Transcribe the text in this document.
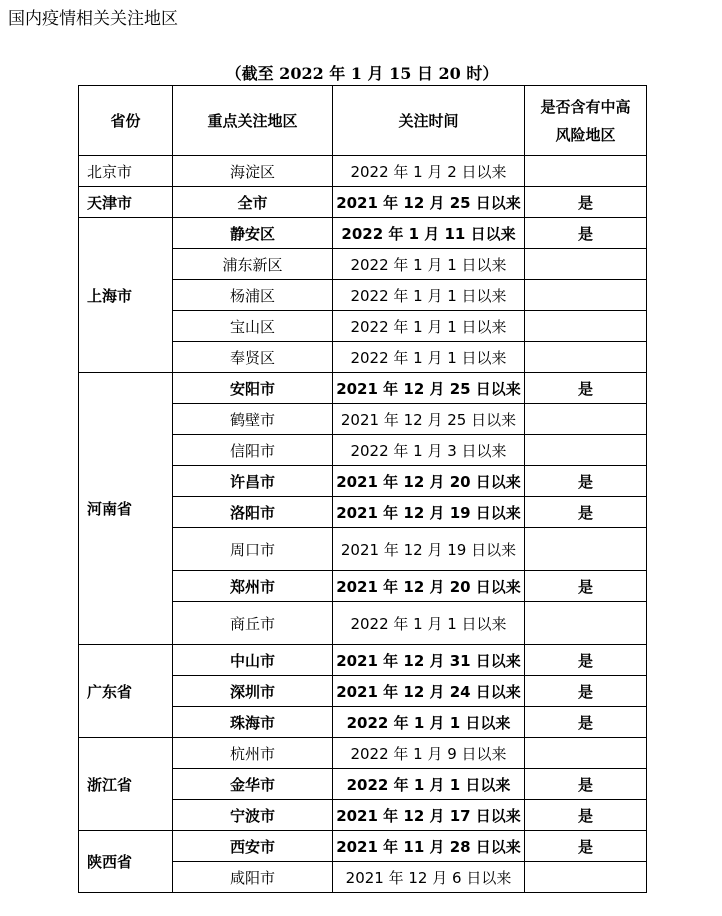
国内疫情相关关注地区
（截至 2022 年 1 月 15 日 20 时）
省份	重点关注地区	关注时间	是否含有中高
风险地区

北京市	海淀区	2022 年 1 月 2 日以来	
天津市	全市	2021 年 12 月 25 日以来	是
上海市	静安区	2022 年 1 月 11 日以来	是
	浦东新区	2022 年 1 月 1 日以来	
	杨浦区	2022 年 1 月 1 日以来	
	宝山区	2022 年 1 月 1 日以来	
	奉贤区	2022 年 1 月 1 日以来	
河南省	安阳市	2021 年 12 月 25 日以来	是
	鹤壁市	2021 年 12 月 25 日以来	
	信阳市	2022 年 1 月 3 日以来	
	许昌市	2021 年 12 月 20 日以来	是
	洛阳市	2021 年 12 月 19 日以来	是
	周口市	2021 年 12 月 19 日以来	
	郑州市	2021 年 12 月 20 日以来	是
	商丘市	2022 年 1 月 1 日以来	
广东省	中山市	2021 年 12 月 31 日以来	是
	深圳市	2021 年 12 月 24 日以来	是
	珠海市	2022 年 1 月 1 日以来	是
浙江省	杭州市	2022 年 1 月 9 日以来	
	金华市	2022 年 1 月 1 日以来	是
	宁波市	2021 年 12 月 17 日以来	是
陕西省	西安市	2021 年 11 月 28 日以来	是
	咸阳市	2021 年 12 月 6 日以来	
